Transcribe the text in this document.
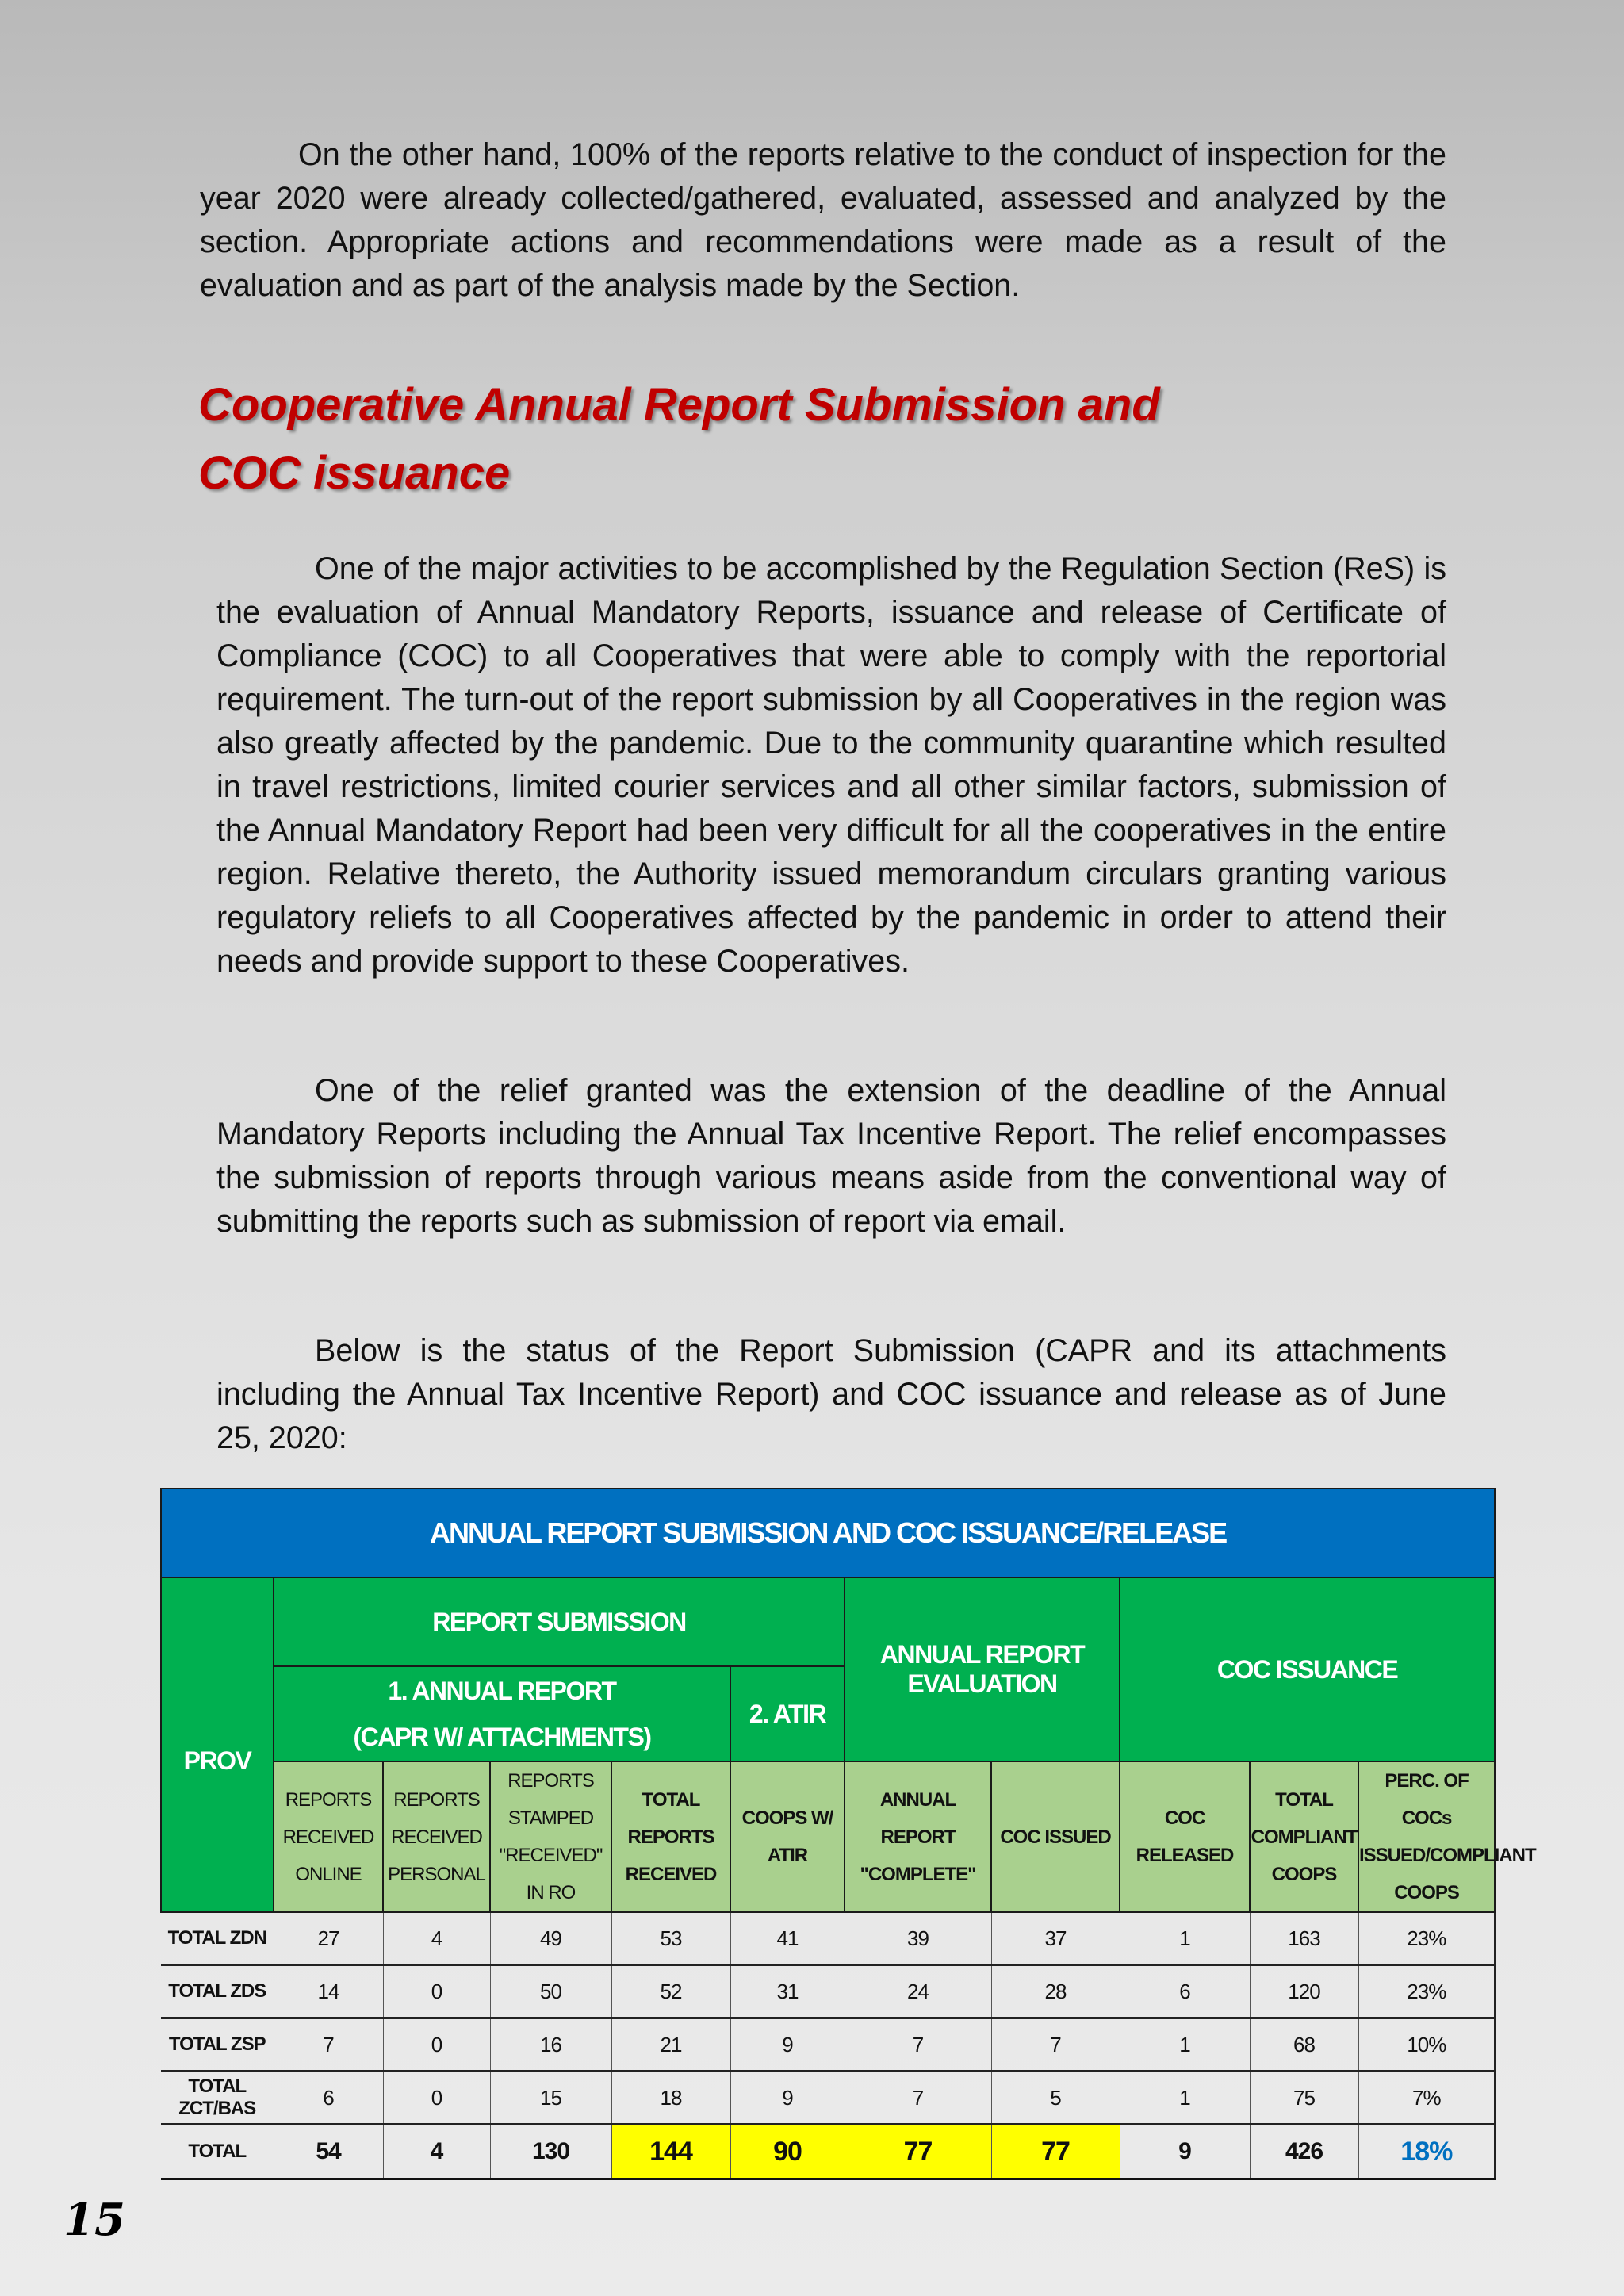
On the other hand, 100% of the reports relative to the conduct of inspection for the year 2020 were already collected/gathered, evaluated, assessed and analyzed by the section. Appropriate actions and recommendations were made as a result of the evaluation and as part of the analysis made by the Section.

Cooperative Annual Report Submission and
COC issuance

One of the major activities to be accomplished by the Regulation Section (ReS) is the evaluation of Annual Mandatory Reports, issuance and release of Certificate of Compliance (COC) to all Cooperatives that were able to comply with the reportorial requirement. The turn-out of the report submission by all Cooperatives in the region was also greatly affected by the pandemic. Due to the community quarantine which resulted in travel restrictions, limited courier services and all other similar factors, submission of the Annual Mandatory Report had been very difficult for all the cooperatives in the entire region. Relative thereto, the Authority issued memorandum circulars granting various regulatory reliefs to all Cooperatives affected by the pandemic in order to attend their needs and provide support to these Cooperatives.

One of the relief granted was the extension of the deadline of the Annual Mandatory Reports including the Annual Tax Incentive Report. The relief encompasses the submission of reports through various means aside from the conventional way of submitting the reports such as submission of report via email.

Below is the status of the Report Submission (CAPR and its attachments including the Annual Tax Incentive Report) and COC issuance and release as of June 25, 2020:

ANNUAL REPORT SUBMISSION AND COC ISSUANCE/RELEASE										
PROV	REPORT SUBMISSION					ANNUAL REPORT EVALUATION		COC ISSUANCE		
	1. ANNUAL REPORT
(CAPR W/ ATTACHMENTS)				2. ATIR					

	REPORTS RECEIVED ONLINE	REPORTS RECEIVED PERSONAL	REPORTS STAMPED "RECEIVED" IN RO	TOTAL REPORTS RECEIVED	COOPS W/ ATIR	ANNUAL REPORT "COMPLETE"	COC ISSUED	COC RELEASED	TOTAL COMPLIANT COOPS	PERC. OF COCs ISSUED/COMPLIANT COOPS
TOTAL ZDN	27	4	49	53	41	39	37	1	163	23%
TOTAL ZDS	14	0	50	52	31	24	28	6	120	23%
TOTAL ZSP	7	0	16	21	9	7	7	1	68	10%
TOTAL ZCT/BAS	6	0	15	18	9	7	5	1	75	7%
TOTAL	54	4	130	144	90	77	77	9	426	18%
15
